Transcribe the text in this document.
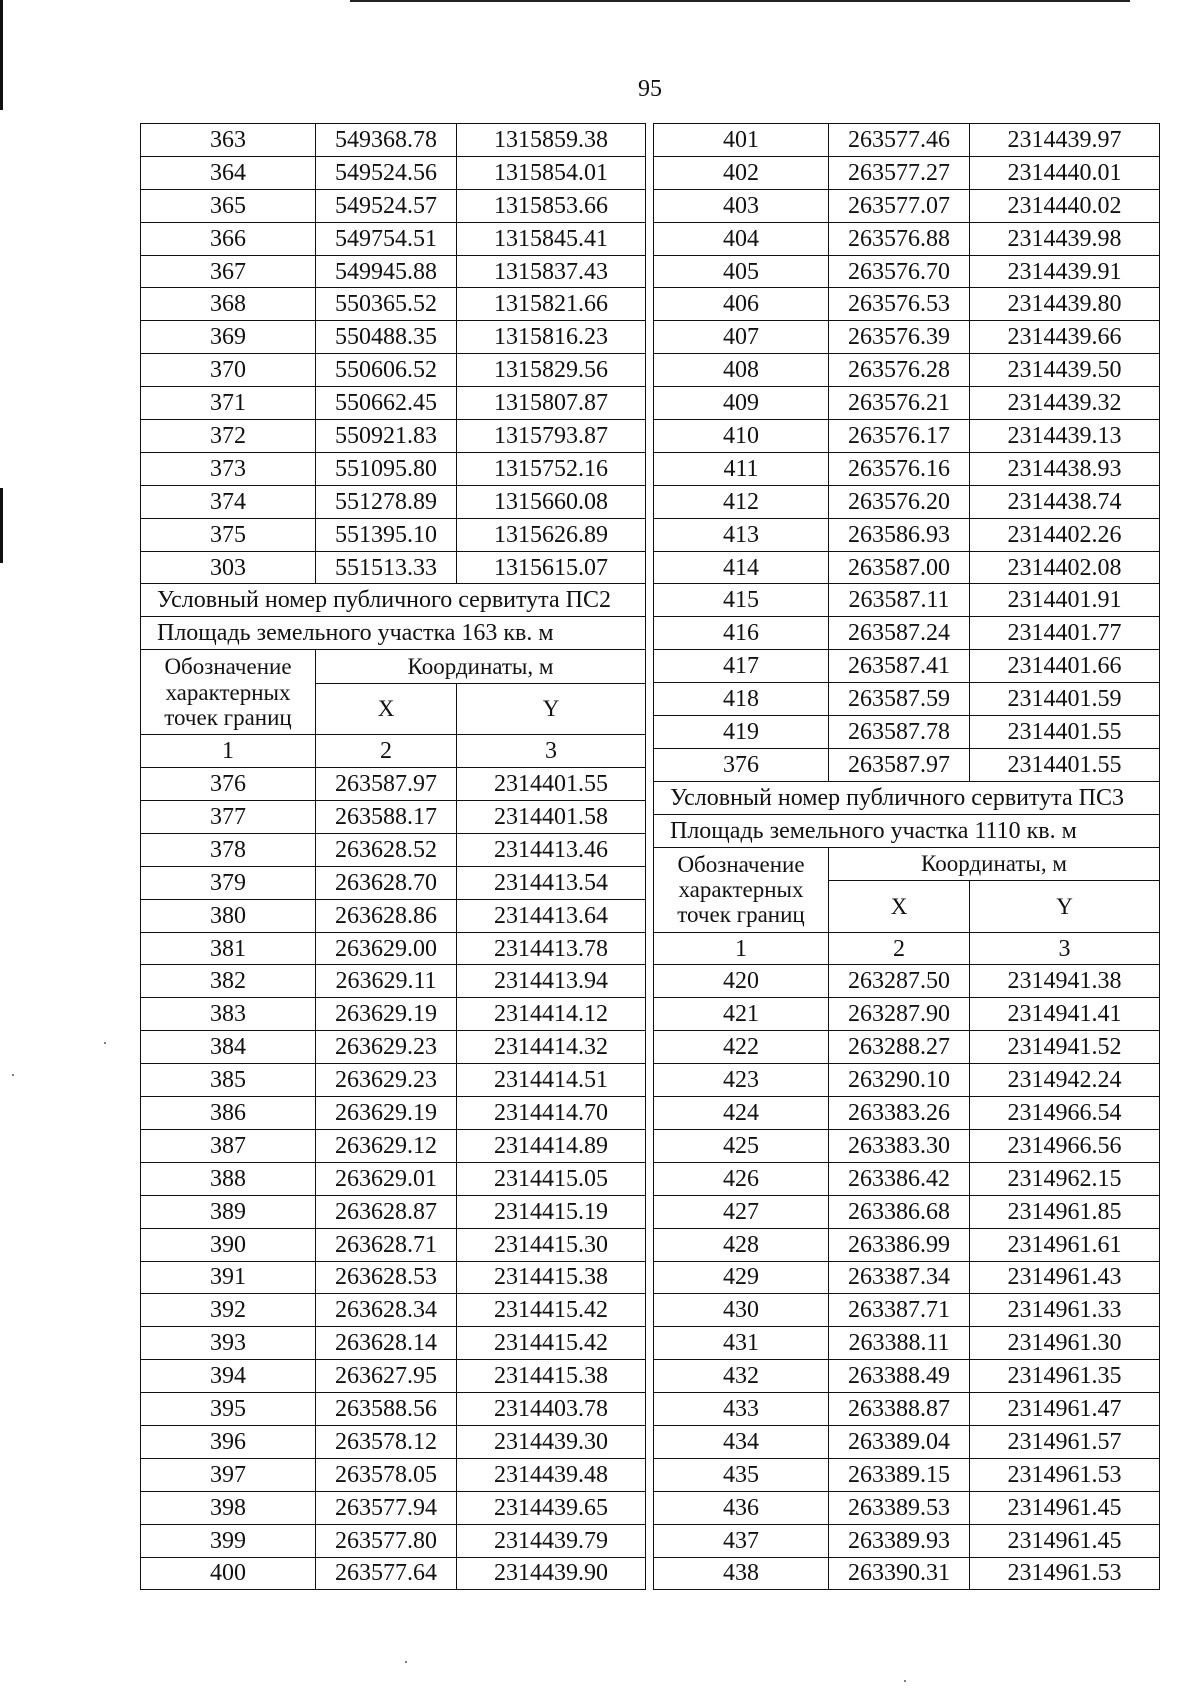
95
363	549368.78	1315859.38
364	549524.56	1315854.01
365	549524.57	1315853.66
366	549754.51	1315845.41
367	549945.88	1315837.43
368	550365.52	1315821.66
369	550488.35	1315816.23
370	550606.52	1315829.56
371	550662.45	1315807.87
372	550921.83	1315793.87
373	551095.80	1315752.16
374	551278.89	1315660.08
375	551395.10	1315626.89
303	551513.33	1315615.07
Условный номер публичного сервитута ПС2		
Площадь земельного участка 163 кв. м		
Обозначение характерных точек границ	Координаты, м	
	X	Y
1	2	3
376	263587.97	2314401.55
377	263588.17	2314401.58
378	263628.52	2314413.46
379	263628.70	2314413.54
380	263628.86	2314413.64
381	263629.00	2314413.78
382	263629.11	2314413.94
383	263629.19	2314414.12
384	263629.23	2314414.32
385	263629.23	2314414.51
386	263629.19	2314414.70
387	263629.12	2314414.89
388	263629.01	2314415.05
389	263628.87	2314415.19
390	263628.71	2314415.30
391	263628.53	2314415.38
392	263628.34	2314415.42
393	263628.14	2314415.42
394	263627.95	2314415.38
395	263588.56	2314403.78
396	263578.12	2314439.30
397	263578.05	2314439.48
398	263577.94	2314439.65
399	263577.80	2314439.79
400	263577.64	2314439.90
401	263577.46	2314439.97
402	263577.27	2314440.01
403	263577.07	2314440.02
404	263576.88	2314439.98
405	263576.70	2314439.91
406	263576.53	2314439.80
407	263576.39	2314439.66
408	263576.28	2314439.50
409	263576.21	2314439.32
410	263576.17	2314439.13
411	263576.16	2314438.93
412	263576.20	2314438.74
413	263586.93	2314402.26
414	263587.00	2314402.08
415	263587.11	2314401.91
416	263587.24	2314401.77
417	263587.41	2314401.66
418	263587.59	2314401.59
419	263587.78	2314401.55
376	263587.97	2314401.55
Условный номер публичного сервитута ПС3		
Площадь земельного участка 1110 кв. м		
Обозначение характерных точек границ	Координаты, м	
	X	Y
1	2	3
420	263287.50	2314941.38
421	263287.90	2314941.41
422	263288.27	2314941.52
423	263290.10	2314942.24
424	263383.26	2314966.54
425	263383.30	2314966.56
426	263386.42	2314962.15
427	263386.68	2314961.85
428	263386.99	2314961.61
429	263387.34	2314961.43
430	263387.71	2314961.33
431	263388.11	2314961.30
432	263388.49	2314961.35
433	263388.87	2314961.47
434	263389.04	2314961.57
435	263389.15	2314961.53
436	263389.53	2314961.45
437	263389.93	2314961.45
438	263390.31	2314961.53
